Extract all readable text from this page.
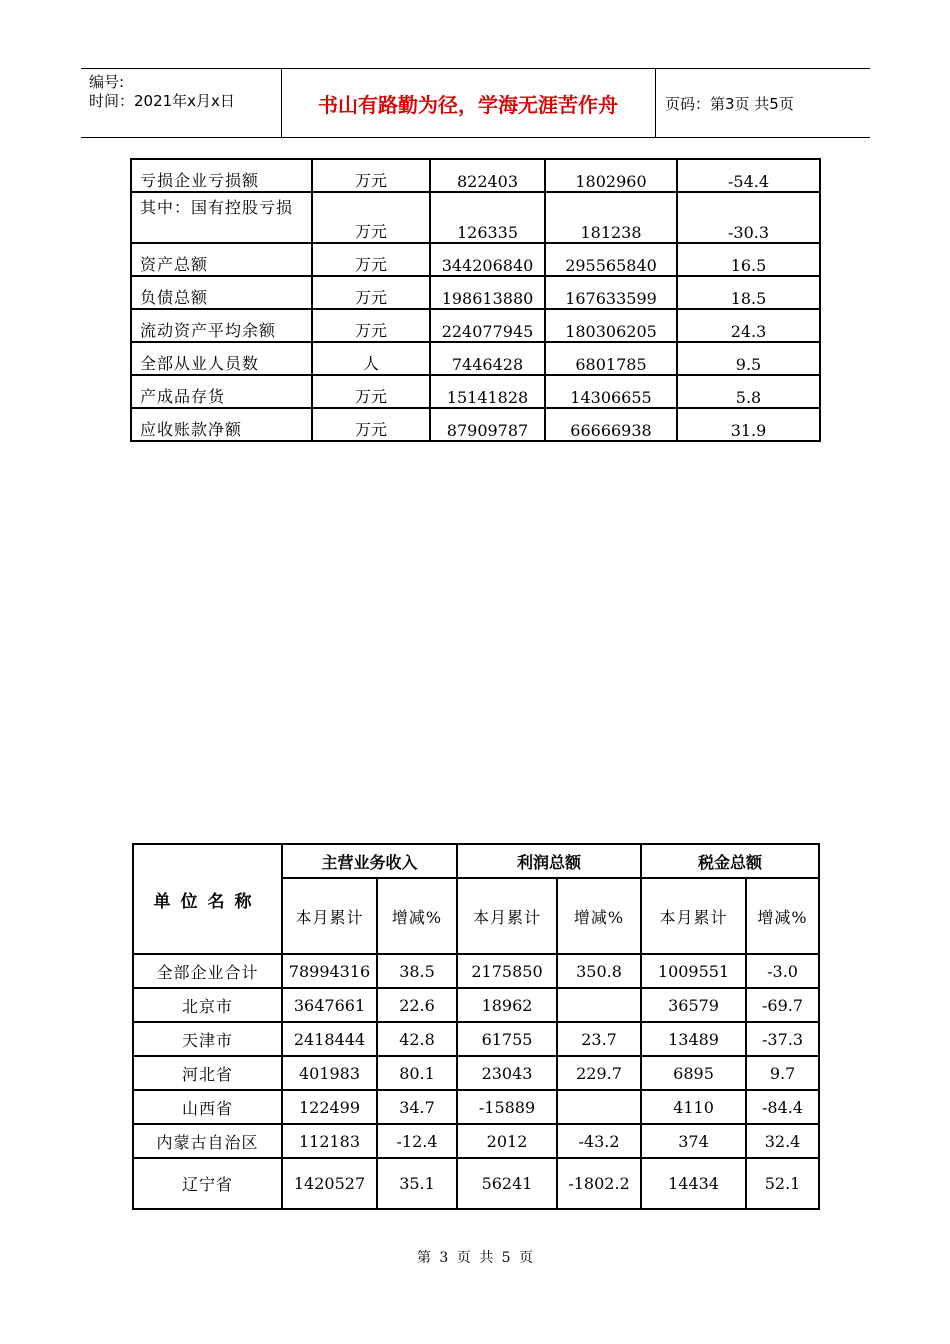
编号:
时间：2021年x月x日	书山有路勤为径，学海无涯苦作舟	页码：第3页 共5页
亏损企业亏损额	万元	822403	1802960	-54.4
其中：国有控股亏损	万元	126335	181238	-30.3
资产总额	万元	344206840	295565840	16.5
负债总额	万元	198613880	167633599	18.5
流动资产平均余额	万元	224077945	180306205	24.3
全部从业人员数	人	7446428	6801785	9.5
产成品存货	万元	15141828	14306655	5.8
应收账款净额	万元	87909787	66666938	31.9
单位名称	主营业务收入		利润总额		税金总额	
	本月累计	增减%	本月累计	增减%	本月累计	增减%
全部企业合计	78994316	38.5	2175850	350.8	1009551	-3.0
北京市	3647661	22.6	18962		36579	-69.7
天津市	2418444	42.8	61755	23.7	13489	-37.3
河北省	401983	80.1	23043	229.7	6895	9.7
山西省	122499	34.7	-15889		4110	-84.4
内蒙古自治区	112183	-12.4	2012	-43.2	374	32.4
辽宁省	1420527	35.1	56241	-1802.2	14434	52.1
第 3 页 共 5 页
